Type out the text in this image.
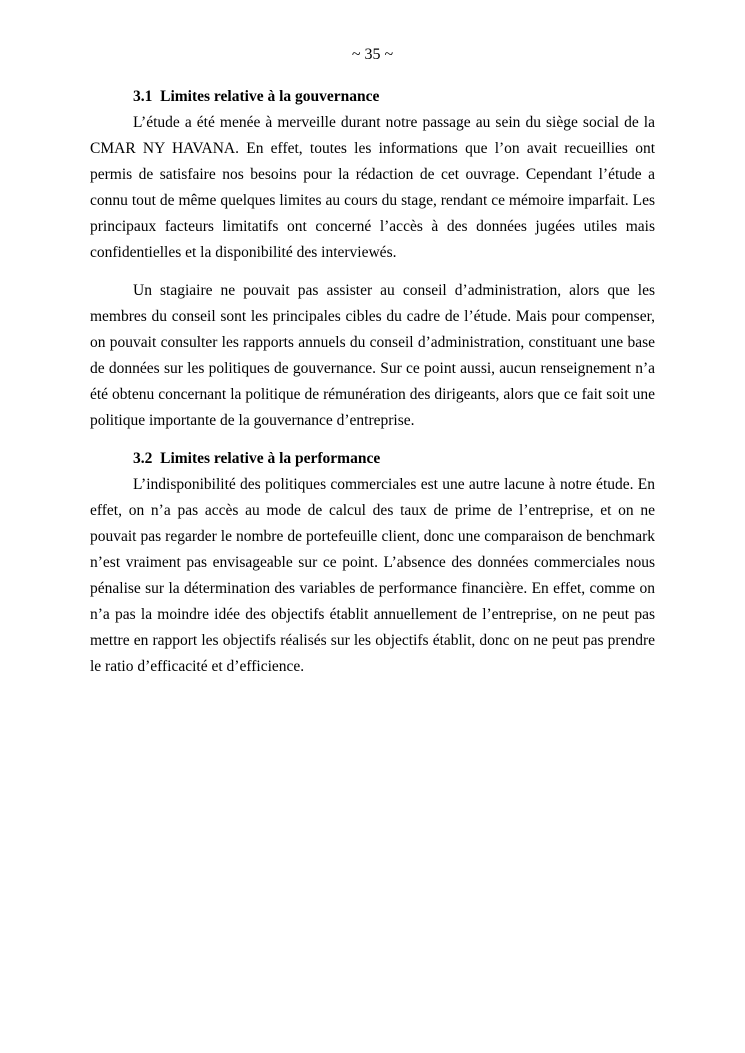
~ 35 ~
3.1  Limites relative à la gouvernance

L’étude a été menée à merveille durant notre passage au sein du siège social de la CMAR NY HAVANA. En effet, toutes les informations que l’on avait recueillies ont permis de satisfaire nos besoins pour la rédaction de cet ouvrage. Cependant l’étude a connu tout de même quelques limites au cours du stage, rendant ce mémoire imparfait. Les principaux facteurs limitatifs ont concerné l’accès à des données jugées utiles mais confidentielles et la disponibilité des interviewés.

Un stagiaire ne pouvait pas assister au conseil d’administration, alors que les membres du conseil sont les principales cibles du cadre de l’étude. Mais pour compenser, on pouvait consulter les rapports annuels du conseil d’administration, constituant une base de données sur les politiques de gouvernance. Sur ce point aussi, aucun renseignement n’a été obtenu concernant la politique de rémunération des dirigeants, alors que ce fait soit une politique importante de la gouvernance d’entreprise.

3.2  Limites relative à la performance

L’indisponibilité des politiques commerciales est une autre lacune à notre étude. En effet, on n’a pas accès au mode de calcul des taux de prime de l’entreprise, et on ne pouvait pas regarder le nombre de portefeuille client, donc une comparaison de benchmark n’est vraiment pas envisageable sur ce point. L’absence des données commerciales nous pénalise sur la détermination des variables de performance financière. En effet, comme on n’a pas la moindre idée des objectifs établit annuellement de l’entreprise, on ne peut pas mettre en rapport les objectifs réalisés sur les objectifs établit, donc on ne peut pas prendre le ratio d’efficacité et d’efficience.
